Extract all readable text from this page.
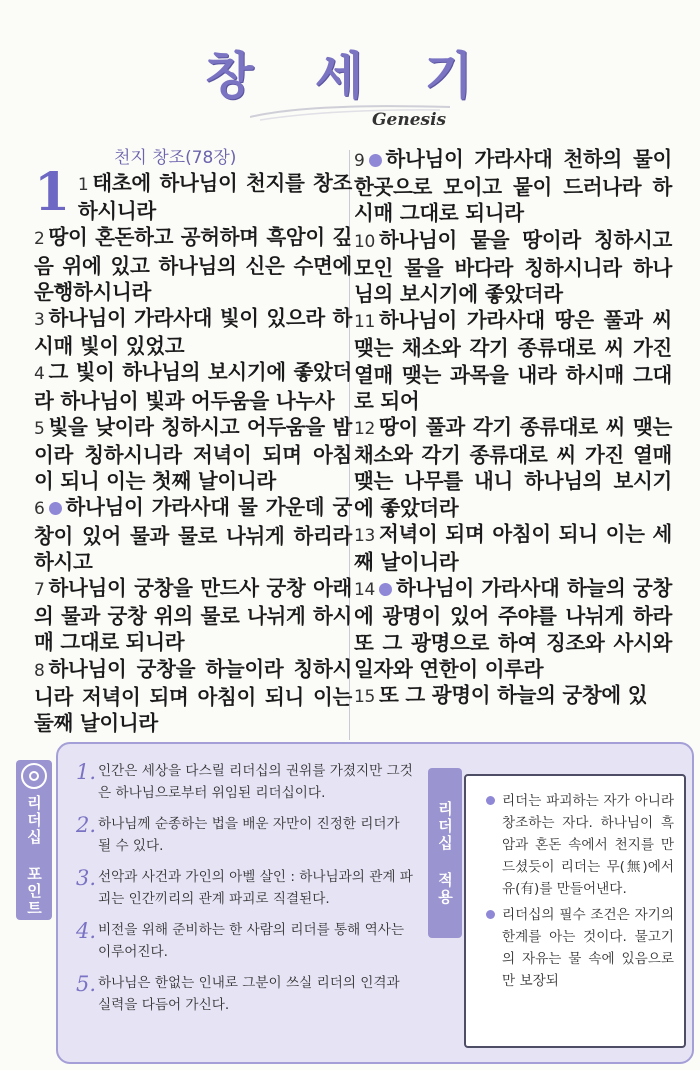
창 세 기
Genesis
천지 창조(78장)
1 1 태초에 하나님이 천지를 창조하시니라
2 땅이 혼돈하고 공허하며 흑암이 깊음 위에 있고 하나님의 신은 수면에 운행하시니라
3 하나님이 가라사대 빛이 있으라 하시매 빛이 있었고
4 그 빛이 하나님의 보시기에 좋았더라 하나님이 빛과 어두움을 나누사
5 빛을 낮이라 칭하시고 어두움을 밤이라 칭하시니라 저녁이 되며 아침이 되니 이는 첫째 날이니라
6 하나님이 가라사대 물 가운데 궁창이 있어 물과 물로 나뉘게 하리라 하시고
7 하나님이 궁창을 만드사 궁창 아래의 물과 궁창 위의 물로 나뉘게 하시매 그대로 되니라
8 하나님이 궁창을 하늘이라 칭하시니라 저녁이 되며 아침이 되니 이는 둘째 날이니라
9 하나님이 가라사대 천하의 물이 한곳으로 모이고 뭍이 드러나라 하시매 그대로 되니라
10 하나님이 뭍을 땅이라 칭하시고 모인 물을 바다라 칭하시니라 하나님의 보시기에 좋았더라
11 하나님이 가라사대 땅은 풀과 씨 맺는 채소와 각기 종류대로 씨 가진 열매 맺는 과목을 내라 하시매 그대로 되어
12 땅이 풀과 각기 종류대로 씨 맺는 채소와 각기 종류대로 씨 가진 열매 맺는 나무를 내니 하나님의 보시기에 좋았더라
13 저녁이 되며 아침이 되니 이는 세째 날이니라
14 하나님이 가라사대 하늘의 궁창에 광명이 있어 주야를 나뉘게 하라 또 그 광명으로 하여 징조와 사시와 일자와 연한이 이루라
15 또 그 광명이 하늘의 궁창에 있
리더십 포인트
1. 인간은 세상을 다스릴 리더십의 권위를 가졌지만 그것은 하나님으로부터 위임된 리더십이다.
2. 하나님께 순종하는 법을 배운 자만이 진정한 리더가 될 수 있다.
3. 선악과 사건과 가인의 아벨 살인 : 하나님과의 관계 파괴는 인간끼리의 관계 파괴로 직결된다.
4. 비전을 위해 준비하는 한 사람의 리더를 통해 역사는 이루어진다.
5. 하나님은 한없는 인내로 그분이 쓰실 리더의 인격과 실력을 다듬어 가신다.
리더십 적용	리더는 파괴하는 자가 아니라 창조하는 자다. 하나님이 흑암과 혼돈 속에서 천지를 만드셨듯이 리더는 무(無)에서 유(有)를 만들어낸다.
리더십의 필수 조건은 자기의 한계를 아는 것이다. 물고기의 자유는 물 속에 있음으로만 보장되
